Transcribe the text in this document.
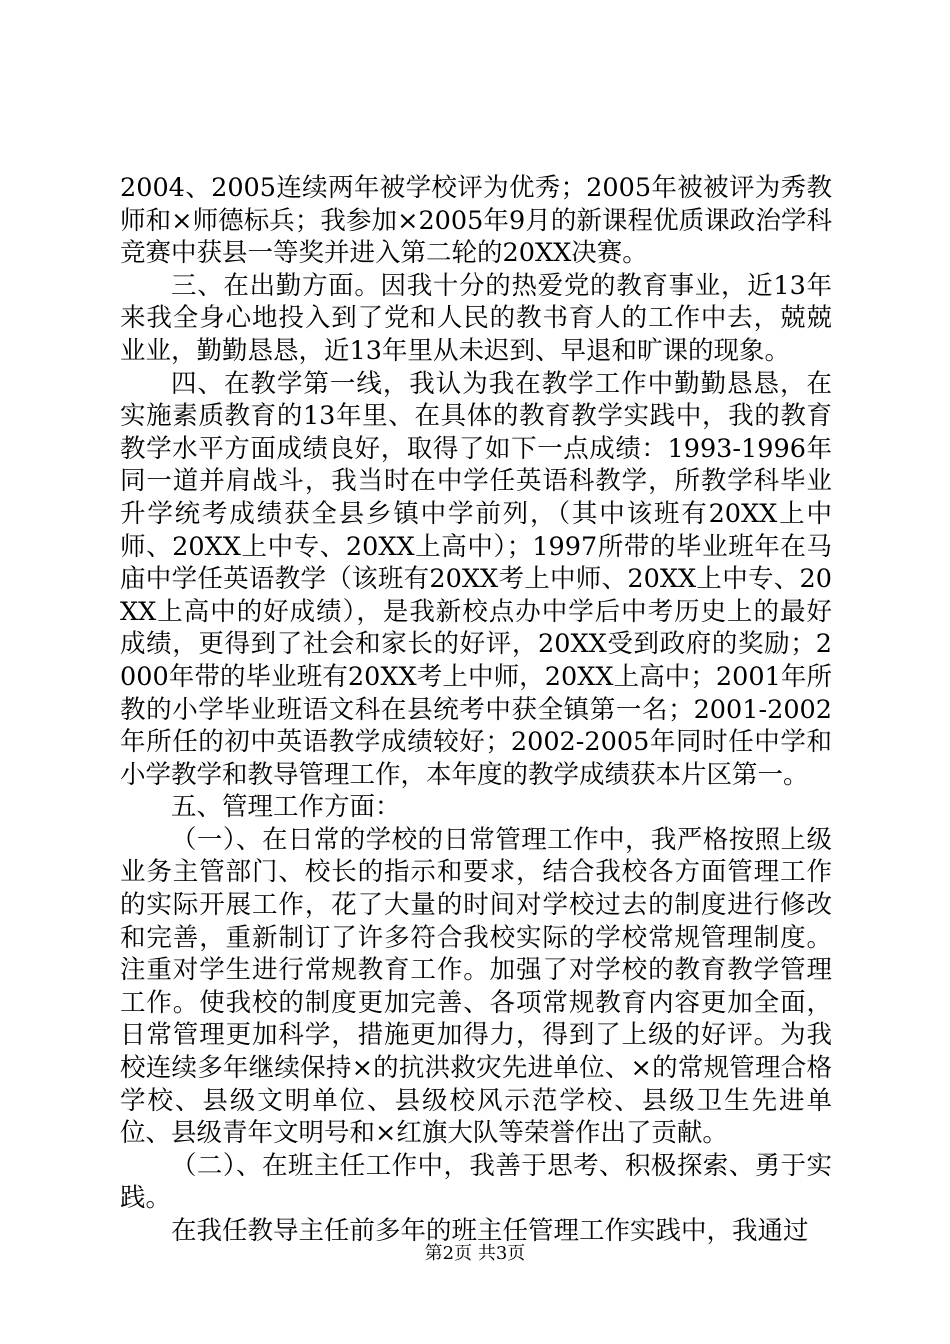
2004、2005连续两年被学校评为优秀；2005年被被评为秀教师和×师德标兵；我参加×2005年9月的新课程优质课政治学科竞赛中获县一等奖并进入第二轮的20XX决赛。

三、在出勤方面。因我十分的热爱党的教育事业，近13年来我全身心地投入到了党和人民的教书育人的工作中去，兢兢业业，勤勤恳恳，近13年里从未迟到、早退和旷课的现象。

四、在教学第一线，我认为我在教学工作中勤勤恳恳，在实施素质教育的13年里、在具体的教育教学实践中，我的教育教学水平方面成绩良好，取得了如下一点成绩：1993-1996年同一道并肩战斗，我当时在中学任英语科教学，所教学科毕业升学统考成绩获全县乡镇中学前列，（其中该班有20XX上中师、20XX上中专、20XX上高中）；1997所带的毕业班年在马庙中学任英语教学（该班有20XX考上中师、20XX上中专、20XX上高中的好成绩），是我新校点办中学后中考历史上的最好成绩，更得到了社会和家长的好评，20XX受到政府的奖励；2000年带的毕业班有20XX考上中师，20XX上高中；2001年所教的小学毕业班语文科在县统考中获全镇第一名；2001-2002年所任的初中英语教学成绩较好；2002-2005年同时任中学和小学教学和教导管理工作，本年度的教学成绩获本片区第一。

五、管理工作方面：

（一）、在日常的学校的日常管理工作中，我严格按照上级业务主管部门、校长的指示和要求，结合我校各方面管理工作的实际开展工作，花了大量的时间对学校过去的制度进行修改和完善，重新制订了许多符合我校实际的学校常规管理制度。注重对学生进行常规教育工作。加强了对学校的教育教学管理工作。使我校的制度更加完善、各项常规教育内容更加全面，日常管理更加科学，措施更加得力，得到了上级的好评。为我校连续多年继续保持×的抗洪救灾先进单位、×的常规管理合格学校、县级文明单位、县级校风示范学校、县级卫生先进单位、县级青年文明号和×红旗大队等荣誉作出了贡献。

（二）、在班主任工作中，我善于思考、积极探索、勇于实践。

在我任教导主任前多年的班主任管理工作实践中，我通过

第2页 共3页
